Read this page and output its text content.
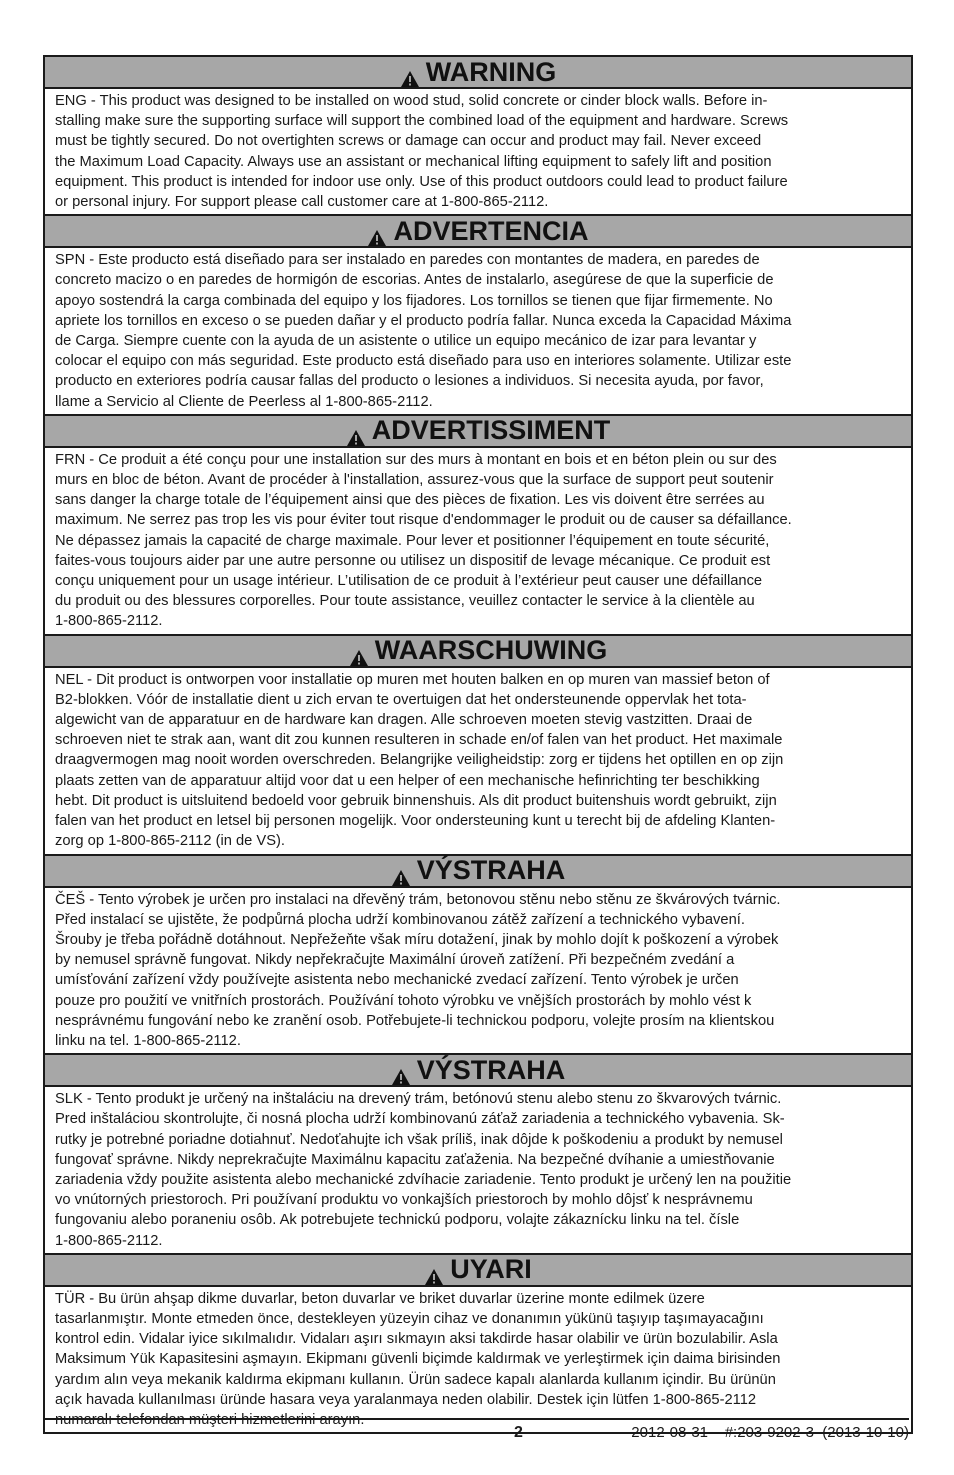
WARNING
ENG - This product was designed to be installed on wood stud, solid concrete or cinder block walls. Before in-
stalling make sure the supporting surface will support the combined load of the equipment and hardware. Screws
must be tightly secured. Do not overtighten screws or damage can occur and product may fail. Never exceed
the Maximum Load Capacity. Always use an assistant or mechanical lifting equipment to safely lift and position
equipment. This product is intended for indoor use only. Use of this product outdoors could lead to product failure
or personal injury. For support please call customer care at 1-800-865-2112.
ADVERTENCIA
SPN - Este producto está diseñado para ser instalado en paredes con montantes de madera, en paredes de
concreto macizo o en paredes de hormigón de escorias. Antes de instalarlo, asegúrese de que la superficie de
apoyo sostendrá la carga combinada del equipo y los fijadores. Los tornillos se tienen que fijar firmemente. No
apriete los tornillos en exceso o se pueden dañar y el producto podría fallar. Nunca exceda la Capacidad Máxima
de Carga. Siempre cuente con la ayuda de un asistente o utilice un equipo mecánico de izar para levantar y
colocar el equipo con más seguridad. Este producto está diseñado para uso en interiores solamente. Utilizar este
producto en exteriores podría causar fallas del producto o lesiones a individuos. Si necesita ayuda, por favor,
llame a Servicio al Cliente de Peerless al 1-800-865-2112.
ADVERTISSIMENT
FRN - Ce produit a été conçu pour une installation sur des murs à montant en bois et en béton plein ou sur des
murs en bloc de béton. Avant de procéder à l'installation, assurez-vous que la surface de support peut soutenir
sans danger la charge totale de l’équipement ainsi que des pièces de fixation. Les vis doivent être serrées au
maximum. Ne serrez pas trop les vis pour éviter tout risque d'endommager le produit ou de causer sa défaillance.
Ne dépassez jamais la capacité de charge maximale. Pour lever et positionner l’équipement en toute sécurité,
faites-vous toujours aider par une autre personne ou utilisez un dispositif de levage mécanique. Ce produit est
conçu uniquement pour un usage intérieur. L’utilisation de ce produit à l’extérieur peut causer une défaillance
du produit ou des blessures corporelles. Pour toute assistance, veuillez contacter le service à la clientèle au
1-800-865-2112.
WAARSCHUWING
NEL - Dit product is ontworpen voor installatie op muren met houten balken en op muren van massief beton of
B2-blokken. Vóór de installatie dient u zich ervan te overtuigen dat het ondersteunende oppervlak het tota-
algewicht van de apparatuur en de hardware kan dragen. Alle schroeven moeten stevig vastzitten. Draai de
schroeven niet te strak aan, want dit zou kunnen resulteren in schade en/of falen van het product. Het maximale
draagvermogen mag nooit worden overschreden. Belangrijke veiligheidstip: zorg er tijdens het optillen en op zijn
plaats zetten van de apparatuur altijd voor dat u een helper of een mechanische hefinrichting ter beschikking
hebt. Dit product is uitsluitend bedoeld voor gebruik binnenshuis. Als dit product buitenshuis wordt gebruikt, zijn
falen van het product en letsel bij personen mogelijk. Voor ondersteuning kunt u terecht bij de afdeling Klanten-
zorg op 1-800-865-2112 (in de VS).
VÝSTRAHA
ČEŠ - Tento výrobek je určen pro instalaci na dřevěný trám, betonovou stěnu nebo stěnu ze škvárových tvárnic.
Před instalací se ujistěte, že podpůrná plocha udrží kombinovanou zátěž zařízení a technického vybavení.
Šrouby je třeba pořádně dotáhnout. Nepřežeňte však míru dotažení, jinak by mohlo dojít k poškození a výrobek
by nemusel správně fungovat. Nikdy nepřekračujte Maximální úroveň zatížení. Při bezpečném zvedání a
umísťování zařízení vždy používejte asistenta nebo mechanické zvedací zařízení. Tento výrobek je určen
pouze pro použití ve vnitřních prostorách. Používání tohoto výrobku ve vnějších prostorách by mohlo vést k
nesprávnému fungování nebo ke zranění osob. Potřebujete-li technickou podporu, volejte prosím na klientskou
linku na tel. 1-800-865-2112.
VÝSTRAHA
SLK - Tento produkt je určený na inštaláciu na drevený trám, betónovú stenu alebo stenu zo škvarových tvárnic.
Pred inštaláciou skontrolujte, či nosná plocha udrží kombinovanú záťaž zariadenia a technického vybavenia. Sk-
rutky je potrebné poriadne dotiahnuť. Nedoťahujte ich však príliš, inak dôjde k poškodeniu a produkt by nemusel
fungovať správne. Nikdy neprekračujte Maximálnu kapacitu zaťaženia. Na bezpečné dvíhanie a umiestňovanie
zariadenia vždy použite asistenta alebo mechanické zdvíhacie zariadenie. Tento produkt je určený len na použitie
vo vnútorných priestoroch. Pri používaní produktu vo vonkajších priestoroch by mohlo dôjsť k nesprávnemu
fungovaniu alebo poraneniu osôb. Ak potrebujete technickú podporu, volajte zákaznícku linku na tel. čísle
1-800-865-2112.
UYARI
TÜR - Bu ürün ahşap dikme duvarlar, beton duvarlar ve briket duvarlar üzerine monte edilmek üzere
tasarlanmıştır. Monte etmeden önce, destekleyen yüzeyin cihaz ve donanımın yükünü taşıyıp taşımayacağını
kontrol edin. Vidalar iyice sıkılmalıdır. Vidaları aşırı sıkmayın aksi takdirde hasar olabilir ve ürün bozulabilir. Asla
Maksimum Yük Kapasitesini aşmayın. Ekipmanı güvenli biçimde kaldırmak ve yerleştirmek için daima birisinden
yardım alın veya mekanik kaldırma ekipmanı kullanın. Ürün sadece kapalı alanlarda kullanım içindir. Bu ürünün
açık havada kullanılması üründe hasara veya yaralanmaya neden olabilir. Destek için lütfen 1-800-865-2112
numaralı telefondan müşteri hizmetlerini arayın.
2	2012-08-31    #:203-9202-3  (2013-10-10)
